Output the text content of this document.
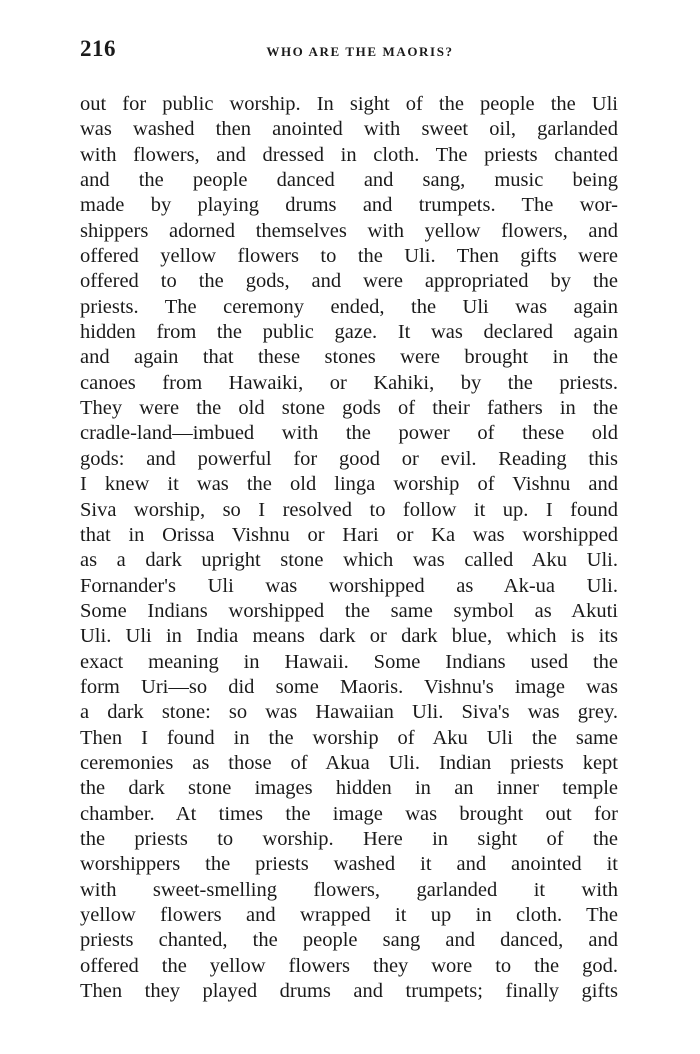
216	WHO ARE THE MAORIS?
out for public worship. In sight of the people the Uli
was washed then anointed with sweet oil, garlanded
with flowers, and dressed in cloth. The priests chanted
and the people danced and sang, music being
made by playing drums and trumpets. The wor-
shippers adorned themselves with yellow flowers, and
offered yellow flowers to the Uli. Then gifts were
offered to the gods, and were appropriated by the
priests. The ceremony ended, the Uli was again
hidden from the public gaze. It was declared again
and again that these stones were brought in the
canoes from Hawaiki, or Kahiki, by the priests.
They were the old stone gods of their fathers in the
cradle-land—imbued with the power of these old
gods: and powerful for good or evil. Reading this
I knew it was the old linga worship of Vishnu and
Siva worship, so I resolved to follow it up. I found
that in Orissa Vishnu or Hari or Ka was worshipped
as a dark upright stone which was called Aku Uli.
Fornander's Uli was worshipped as Ak-ua Uli.
Some Indians worshipped the same symbol as Akuti
Uli. Uli in India means dark or dark blue, which is its
exact meaning in Hawaii. Some Indians used the
form Uri—so did some Maoris. Vishnu's image was
a dark stone: so was Hawaiian Uli. Siva's was grey.
Then I found in the worship of Aku Uli the same
ceremonies as those of Akua Uli. Indian priests kept
the dark stone images hidden in an inner temple
chamber. At times the image was brought out for
the priests to worship. Here in sight of the
worshippers the priests washed it and anointed it
with sweet-smelling flowers, garlanded it with
yellow flowers and wrapped it up in cloth. The
priests chanted, the people sang and danced, and
offered the yellow flowers they wore to the god.
Then they played drums and trumpets; finally gifts
